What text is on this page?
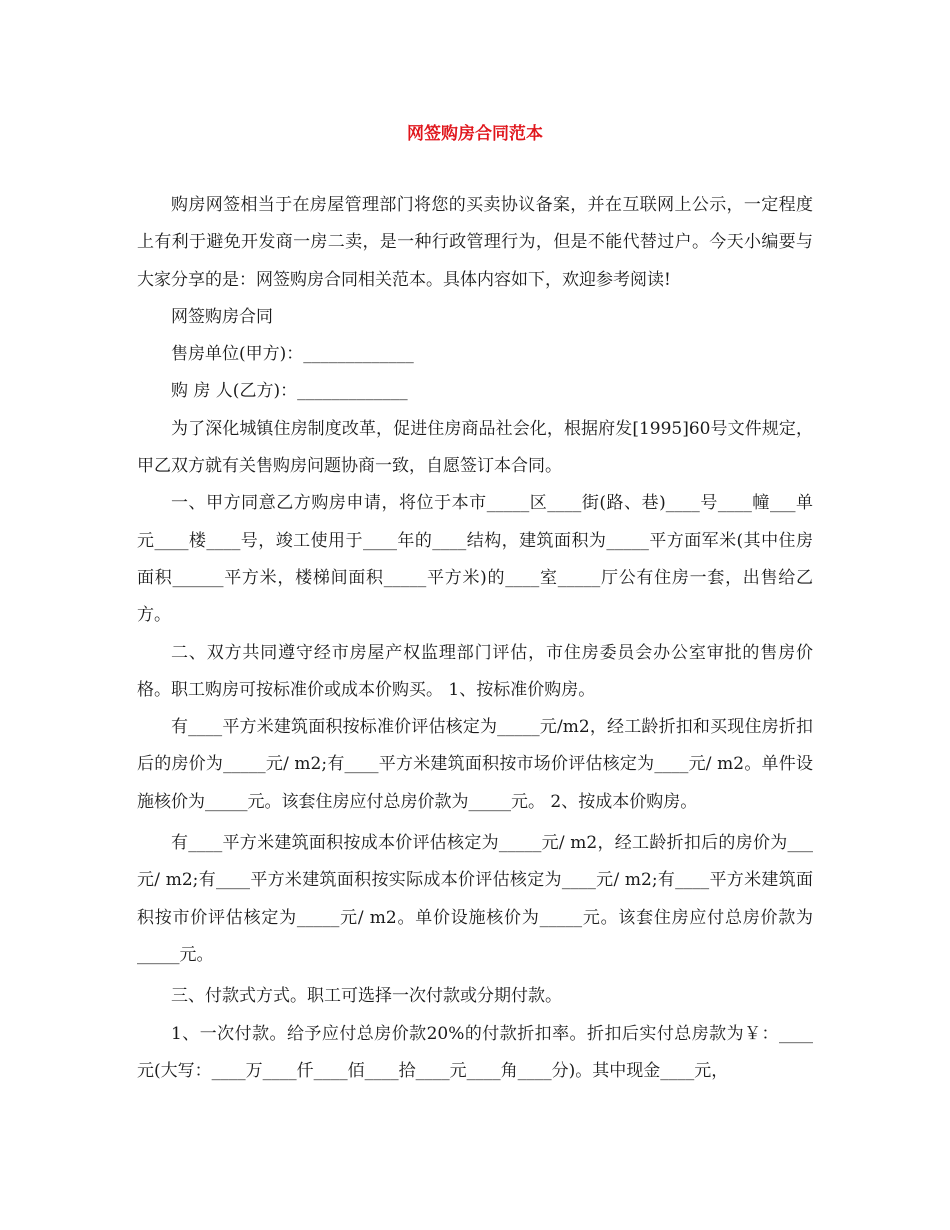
网签购房合同范本

购房网签相当于在房屋管理部门将您的买卖协议备案，并在互联网上公示，一定程度上有利于避免开发商一房二卖，是一种行政管理行为，但是不能代替过户。今天小编要与大家分享的是：网签购房合同相关范本。具体内容如下，欢迎参考阅读!

网签购房合同

售房单位(甲方)：_____________

购 房 人(乙方)：_____________

为了深化城镇住房制度改革，促进住房商品社会化，根据府发[1995]60号文件规定，甲乙双方就有关售购房问题协商一致，自愿签订本合同。

一、甲方同意乙方购房申请，将位于本市_____区____街(路、巷)____号____幢___单元____楼____号，竣工使用于____年的____结构，建筑面积为_____平方面军米(其中住房面积______平方米，楼梯间面积_____平方米)的____室_____厅公有住房一套，出售给乙方。

二、双方共同遵守经市房屋产权监理部门评估，市住房委员会办公室审批的售房价格。职工购房可按标准价或成本价购买。 1、按标准价购房。

有____平方米建筑面积按标准价评估核定为_____元/m2，经工龄折扣和买现住房折扣后的房价为_____元/ m2;有____平方米建筑面积按市场价评估核定为____元/ m2。单件设施核价为_____元。该套住房应付总房价款为_____元。 2、按成本价购房。

有____平方米建筑面积按成本价评估核定为_____元/ m2，经工龄折扣后的房价为___元/ m2;有____平方米建筑面积按实际成本价评估核定为____元/ m2;有____平方米建筑面积按市价评估核定为_____元/ m2。单价设施核价为_____元。该套住房应付总房价款为_____元。

三、付款式方式。职工可选择一次付款或分期付款。

1、一次付款。给予应付总房价款20%的付款折扣率。折扣后实付总房款为￥：____元(大写：____万____仟____佰____拾____元____角____分)。其中现金____元，
